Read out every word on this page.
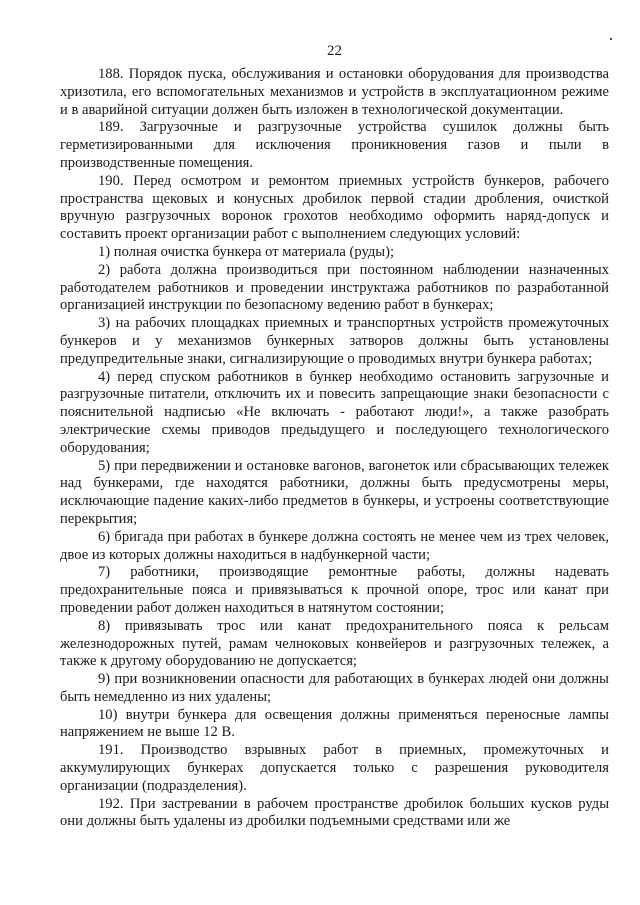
22

188. Порядок пуска, обслуживания и остановки оборудования для производства хризотила, его вспомогательных механизмов и устройств в эксплуатационном режиме и в аварийной ситуации должен быть изложен в технологической документации.

189. Загрузочные и разгрузочные устройства сушилок должны быть герметизированными для исключения проникновения газов и пыли в производственные помещения.

190. Перед осмотром и ремонтом приемных устройств бункеров, рабочего пространства щековых и конусных дробилок первой стадии дробления, очисткой вручную разгрузочных воронок грохотов необходимо оформить наряд-допуск и составить проект организации работ с выполнением следующих условий:

1) полная очистка бункера от материала (руды);

2) работа должна производиться при постоянном наблюдении назначенных работодателем работников и проведении инструктажа работников по разработанной организацией инструкции по безопасному ведению работ в бункерах;

3) на рабочих площадках приемных и транспортных устройств промежуточных бункеров и у механизмов бункерных затворов должны быть установлены предупредительные знаки, сигнализирующие о проводимых внутри бункера работах;

4) перед спуском работников в бункер необходимо остановить загрузочные и разгрузочные питатели, отключить их и повесить запрещающие знаки безопасности с пояснительной надписью «Не включать - работают люди!», а также разобрать электрические схемы приводов предыдущего и последующего технологического оборудования;

5) при передвижении и остановке вагонов, вагонеток или сбрасывающих тележек над бункерами, где находятся работники, должны быть предусмотрены меры, исключающие падение каких-либо предметов в бункеры, и устроены соответствующие перекрытия;

6) бригада при работах в бункере должна состоять не менее чем из трех человек, двое из которых должны находиться в надбункерной части;

7) работники, производящие ремонтные работы, должны надевать предохранительные пояса и привязываться к прочной опоре, трос или канат при проведении работ должен находиться в натянутом состоянии;

8) привязывать трос или канат предохранительного пояса к рельсам железнодорожных путей, рамам челноковых конвейеров и разгрузочных тележек, а также к другому оборудованию не допускается;

9) при возникновении опасности для работающих в бункерах людей они должны быть немедленно из них удалены;

10) внутри бункера для освещения должны применяться переносные лампы напряжением не выше 12 В.

191. Производство взрывных работ в приемных, промежуточных и аккумулирующих бункерах допускается только с разрешения руководителя организации (подразделения).

192. При застревании в рабочем пространстве дробилок больших кусков руды они должны быть удалены из дробилки подъемными средствами или же
